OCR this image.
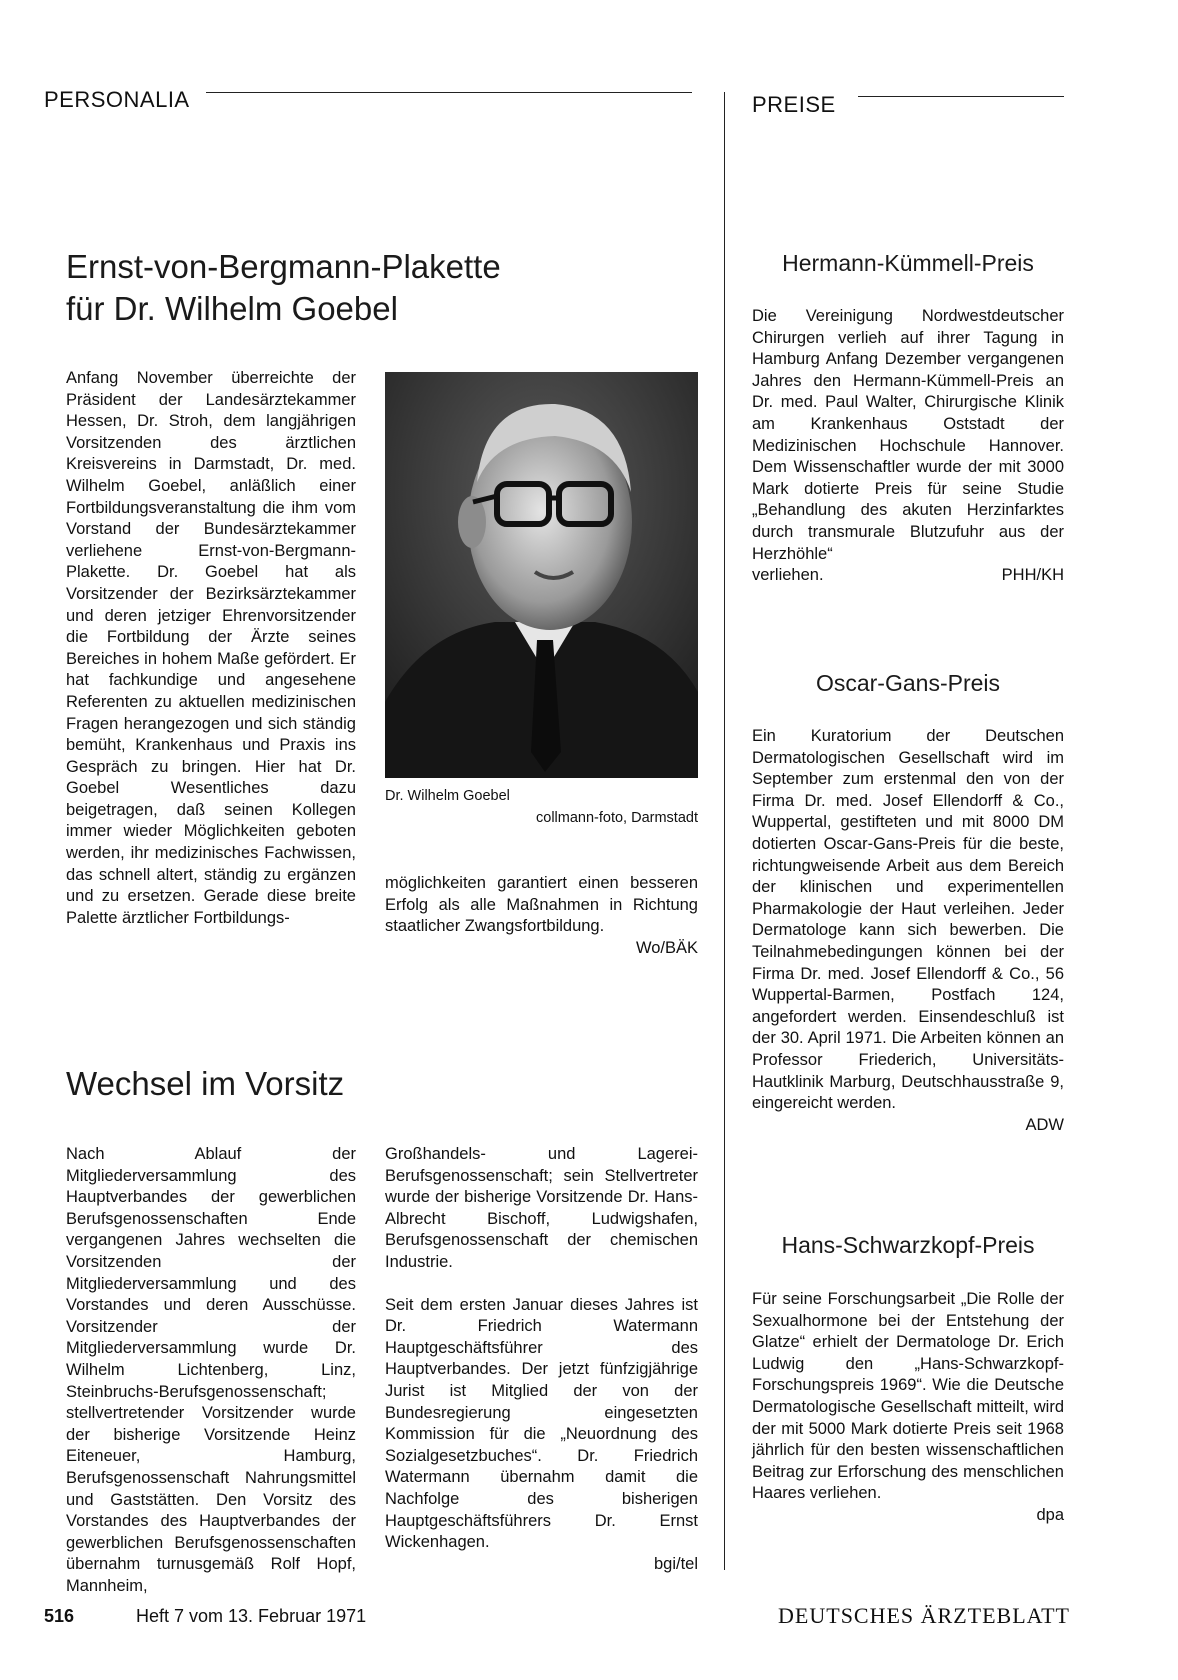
PERSONALIA	PREISE
Ernst-von-Bergmann-Plakette
für Dr. Wilhelm Goebel

Anfang November überreichte der Präsident der Landesärztekammer Hessen, Dr. Stroh, dem langjährigen Vorsitzenden des ärztlichen Kreisvereins in Darmstadt, Dr. med. Wilhelm Goebel, anläßlich einer Fortbildungsveranstaltung die ihm vom Vorstand der Bundesärztekammer verliehene Ernst-von-Bergmann-Plakette. Dr. Goebel hat als Vorsitzender der Bezirksärztekammer und deren jetziger Ehrenvorsitzender die Fortbildung der Ärzte seines Bereiches in hohem Maße gefördert. Er hat fachkundige und angesehene Referenten zu aktuellen medizinischen Fragen herangezogen und sich ständig bemüht, Krankenhaus und Praxis ins Gespräch zu bringen. Hier hat Dr. Goebel Wesentliches dazu beigetragen, daß seinen Kollegen immer wieder Möglichkeiten geboten werden, ihr medizinisches Fachwissen, das schnell altert, ständig zu ergänzen und zu ersetzen. Gerade diese breite Palette ärztlicher Fortbildungs-

Dr. Wilhelm Goebel
collmann-foto, Darmstadt

möglichkeiten garantiert einen besseren Erfolg als alle Maßnahmen in Richtung staatlicher Zwangsfortbildung.

Wo/BÄK
Wechsel im Vorsitz

Nach Ablauf der Mitgliederversammlung des Hauptverbandes der gewerblichen Berufsgenossenschaften Ende vergangenen Jahres wechselten die Vorsitzenden der Mitgliederversammlung und des Vorstandes und deren Ausschüsse. Vorsitzender der Mitgliederversammlung wurde Dr. Wilhelm Lichtenberg, Linz, Steinbruchs-Berufsgenossenschaft; stellvertretender Vorsitzender wurde der bisherige Vorsitzende Heinz Eiteneuer, Hamburg, Berufsgenossenschaft Nahrungsmittel und Gaststätten. Den Vorsitz des Vorstandes des Hauptverbandes der gewerblichen Berufsgenossenschaften übernahm turnusgemäß Rolf Hopf, Mannheim,

Großhandels- und Lagerei-Berufsgenossenschaft; sein Stellvertreter wurde der bisherige Vorsitzende Dr. Hans-Albrecht Bischoff, Ludwigshafen, Berufsgenossenschaft der chemischen Industrie.

Seit dem ersten Januar dieses Jahres ist Dr. Friedrich Watermann Hauptgeschäftsführer des Hauptverbandes. Der jetzt fünfzigjährige Jurist ist Mitglied der von der Bundesregierung eingesetzten Kommission für die „Neuordnung des Sozialgesetzbuches“. Dr. Friedrich Watermann übernahm damit die Nachfolge des bisherigen Hauptgeschäftsführers Dr. Ernst Wickenhagen.

bgi/tel
Hermann-Kümmell-Preis

Die Vereinigung Nordwestdeutscher Chirurgen verlieh auf ihrer Tagung in Hamburg Anfang Dezember vergangenen Jahres den Hermann-Kümmell-Preis an Dr. med. Paul Walter, Chirurgische Klinik am Krankenhaus Oststadt der Medizinischen Hochschule Hannover. Dem Wissenschaftler wurde der mit 3000 Mark dotierte Preis für seine Studie „Behandlung des akuten Herzinfarktes durch transmurale Blutzufuhr aus der Herzhöhle“

verliehen.	PHH/KH
Oscar-Gans-Preis

Ein Kuratorium der Deutschen Dermatologischen Gesellschaft wird im September zum erstenmal den von der Firma Dr. med. Josef Ellendorff & Co., Wuppertal, gestifteten und mit 8000 DM dotierten Oscar-Gans-Preis für die beste, richtungweisende Arbeit aus dem Bereich der klinischen und experimentellen Pharmakologie der Haut verleihen. Jeder Dermatologe kann sich bewerben. Die Teilnahmebedingungen können bei der Firma Dr. med. Josef Ellendorff & Co., 56 Wuppertal-Barmen, Postfach 124, angefordert werden. Einsendeschluß ist der 30. April 1971. Die Arbeiten können an Professor Friederich, Universitäts-Hautklinik Marburg, Deutschhausstraße 9, eingereicht werden.

ADW
Hans-Schwarzkopf-Preis

Für seine Forschungsarbeit „Die Rolle der Sexualhormone bei der Entstehung der Glatze“ erhielt der Dermatologe Dr. Erich Ludwig den „Hans-Schwarzkopf-Forschungspreis 1969“. Wie die Deutsche Dermatologische Gesellschaft mitteilt, wird der mit 5000 Mark dotierte Preis seit 1968 jährlich für den besten wissenschaftlichen Beitrag zur Erforschung des menschlichen Haares verliehen.

dpa
516	Heft 7 vom 13. Februar 1971	DEUTSCHES ÄRZTEBLATT
